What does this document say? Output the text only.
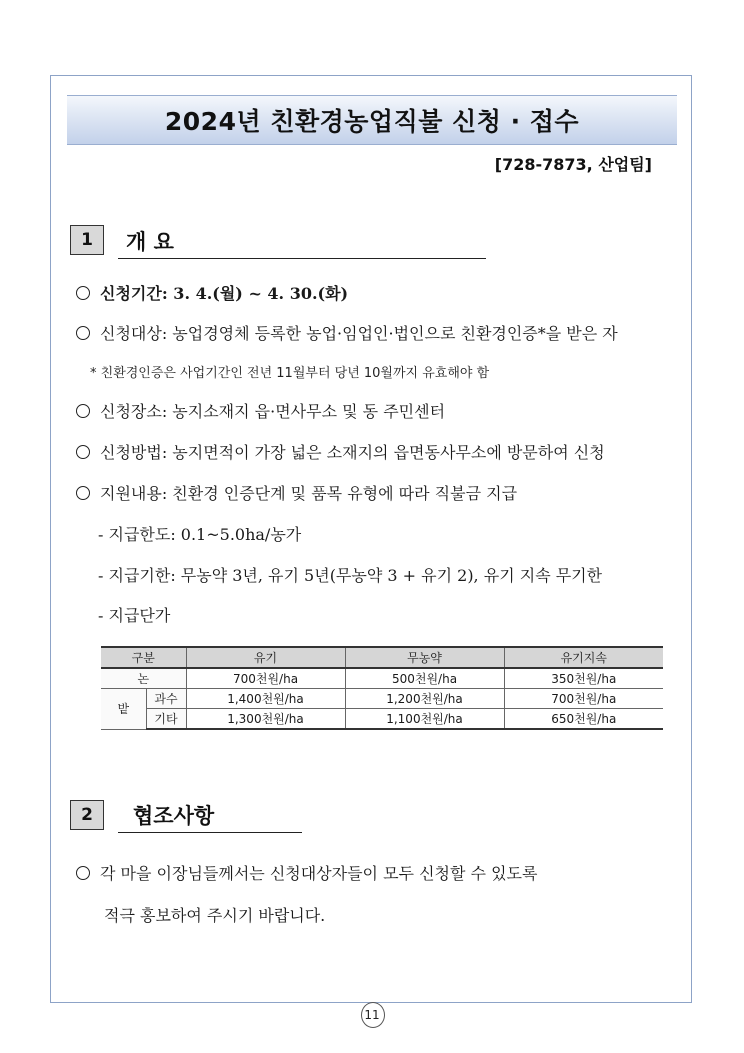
2024년 친환경농업직불 신청 · 접수
[728-7873, 산업팀]
1	개 요
신청기간: 3. 4.(월) ~ 4. 30.(화)
신청대상: 농업경영체 등록한 농업·임업인·법인으로 친환경인증*을 받은 자
* 친환경인증은 사업기간인 전년 11월부터 당년 10월까지 유효해야 함
신청장소: 농지소재지 읍·면사무소 및 동 주민센터
신청방법: 농지면적이 가장 넓은 소재지의 읍면동사무소에 방문하여 신청
지원내용: 친환경 인증단계 및 품목 유형에 따라 직불금 지급
- 지급한도: 0.1~5.0ha/농가
- 지급기한: 무농약 3년, 유기 5년(무농약 3 + 유기 2), 유기 지속 무기한
- 지급단가
구분		유기	무농약	유기지속
논		700천원/ha	500천원/ha	350천원/ha
밭	과수	1,400천원/ha	1,200천원/ha	700천원/ha
	기타	1,300천원/ha	1,100천원/ha	650천원/ha
2	협조사항
각 마을 이장님들께서는 신청대상자들이 모두 신청할 수 있도록
적극 홍보하여 주시기 바랍니다.
11
